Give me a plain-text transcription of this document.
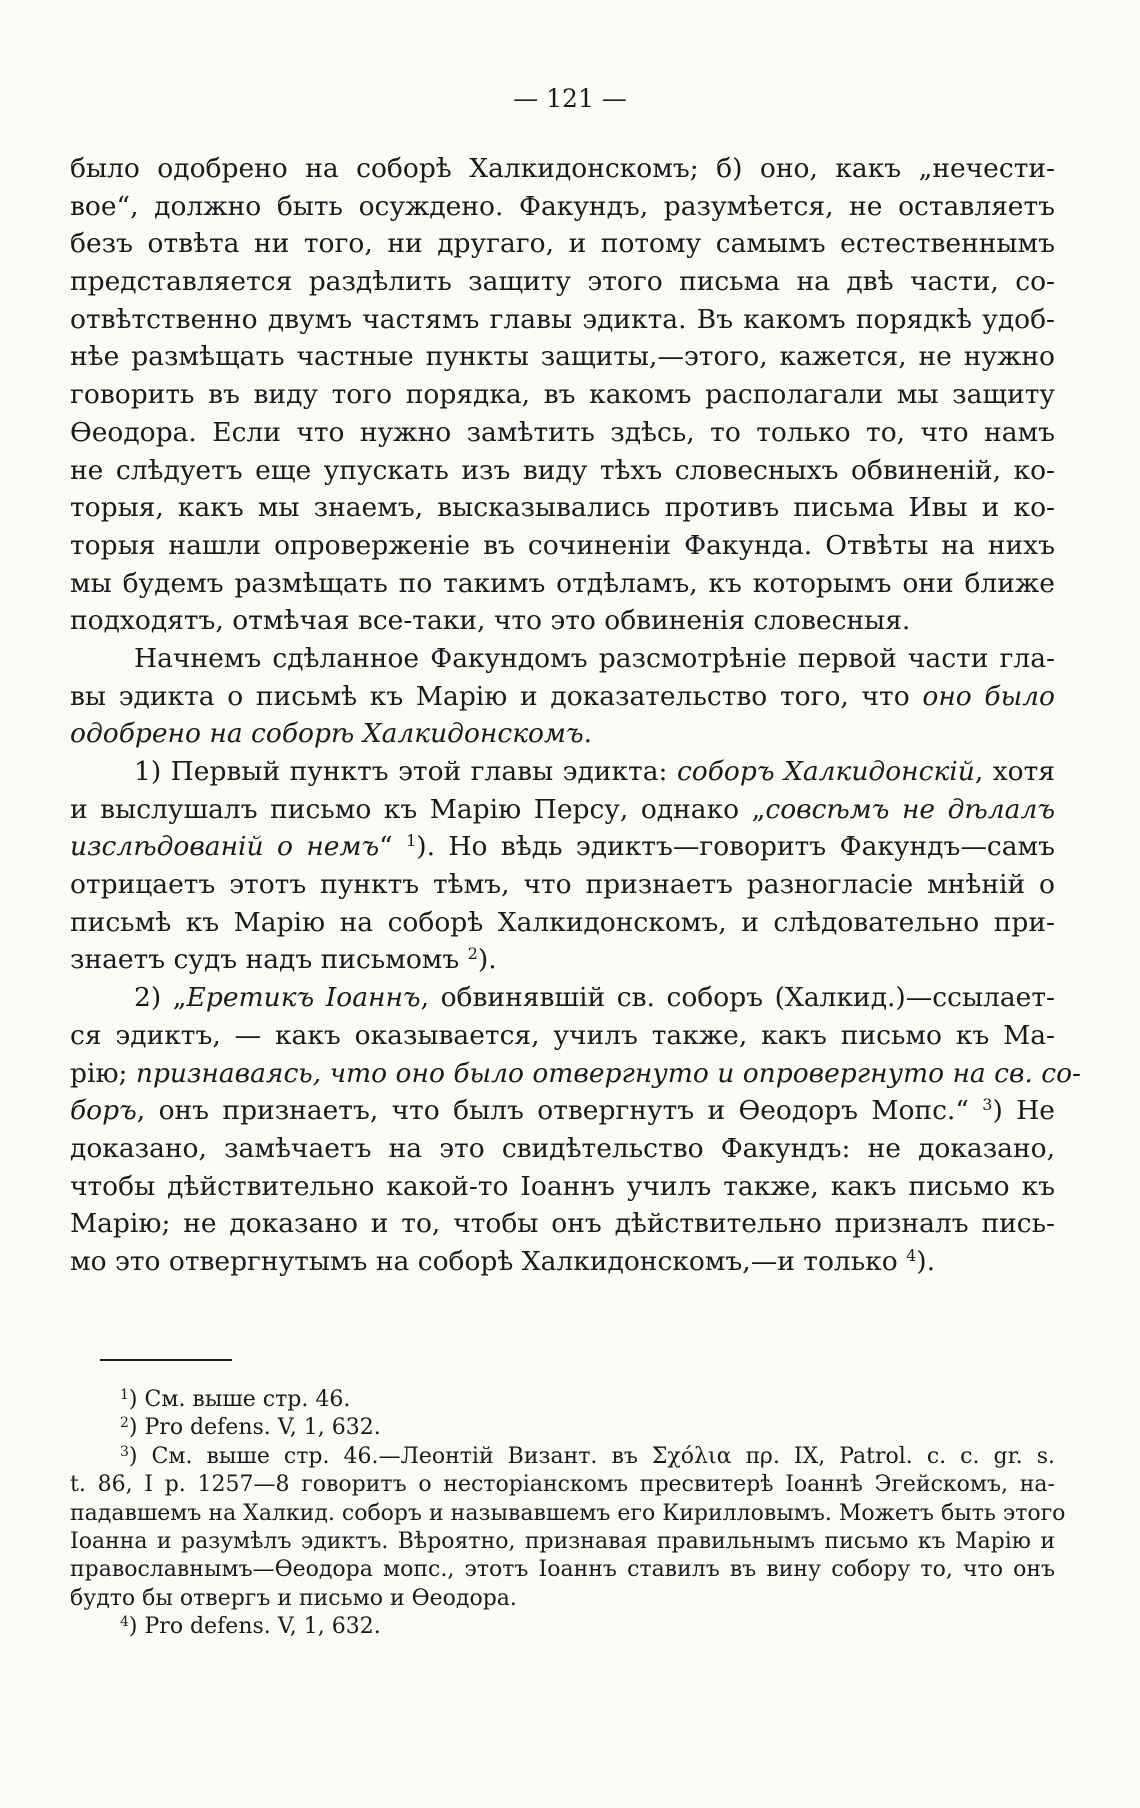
— 121 —
было одобрено на соборѣ Халкидонскомъ; б) оно, какъ „нечести-
вое“, должно быть осуждено. Факундъ, разумѣется, не оставляетъ
безъ отвѣта ни того, ни другаго, и потому самымъ естественнымъ
представляется раздѣлить защиту этого письма на двѣ части, со-
отвѣтственно двумъ частямъ главы эдикта. Въ какомъ порядкѣ удоб-
нѣе размѣщать частные пункты защиты,—этого, кажется, не нужно
говорить въ виду того порядка, въ какомъ располагали мы защиту
Ѳеодора. Если что нужно замѣтить здѣсь, то только то, что намъ
не слѣдуетъ еще упускать изъ виду тѣхъ словесныхъ обвиненій, ко-
торыя, какъ мы знаемъ, высказывались противъ письма Ивы и ко-
торыя нашли опроверженіе въ сочиненіи Факунда. Отвѣты на нихъ
мы будемъ размѣщать по такимъ отдѣламъ, къ которымъ они ближе
подходятъ, отмѣчая все-таки, что это обвиненія словесныя.
Начнемъ сдѣланное Факундомъ разсмотрѣніе первой части гла-
вы эдикта о письмѣ къ Марію и доказательство того, что оно было
одобрено на соборѣ Халкидонскомъ.
1) Первый пунктъ этой главы эдикта: соборъ Халкидонскій, хотя
и выслушалъ письмо къ Марію Персу, однако „совсѣмъ не дѣлалъ
изслѣдованій о немъ“ $^1$). Но вѣдь эдиктъ—говоритъ Факундъ—самъ
отрицаетъ этотъ пунктъ тѣмъ, что признаетъ разногласіе мнѣній о
письмѣ къ Марію на соборѣ Халкидонскомъ, и слѣдовательно при-
знаетъ судъ надъ письмомъ $^2$).
2) „Еретикъ Іоаннъ, обвинявшій св. соборъ (Халкид.)—ссылает-
ся эдиктъ, — какъ оказывается, училъ также, какъ письмо къ Ма-
рію; признаваясь, что оно было отвергнуто и опровергнуто на св. со-
боръ, онъ признаетъ, что былъ отвергнутъ и Ѳеодоръ Мопс.“ $^3$) Не
доказано, замѣчаетъ на это свидѣтельство Факундъ: не доказано,
чтобы дѣйствительно какой-то Іоаннъ училъ также, какъ письмо къ
Марію; не доказано и то, чтобы онъ дѣйствительно призналъ пись-
мо это отвергнутымъ на соборѣ Халкидонскомъ,—и только $^4$).
$^1$) См. выше стр. 46.
$^2$) Pro defens. V, 1, 632.
$^3$) См. выше стр. 46.—Леонтій Визант. въ Σχόλια πρ. IX, Patrol. c. c. gr. s.
t. 86, I p. 1257—8 говоритъ о несторіанскомъ пресвитерѣ Іоаннѣ Эгейскомъ, на-
падавшемъ на Халкид. соборъ и называвшемъ его Кирилловымъ. Можетъ быть этого
Іоанна и разумѣлъ эдиктъ. Вѣроятно, признавая правильнымъ письмо къ Марію и
православнымъ—Ѳеодора мопс., этотъ Іоаннъ ставилъ въ вину собору то, что онъ
будто бы отвергъ и письмо и Ѳеодора.
$^4$) Pro defens. V, 1, 632.
